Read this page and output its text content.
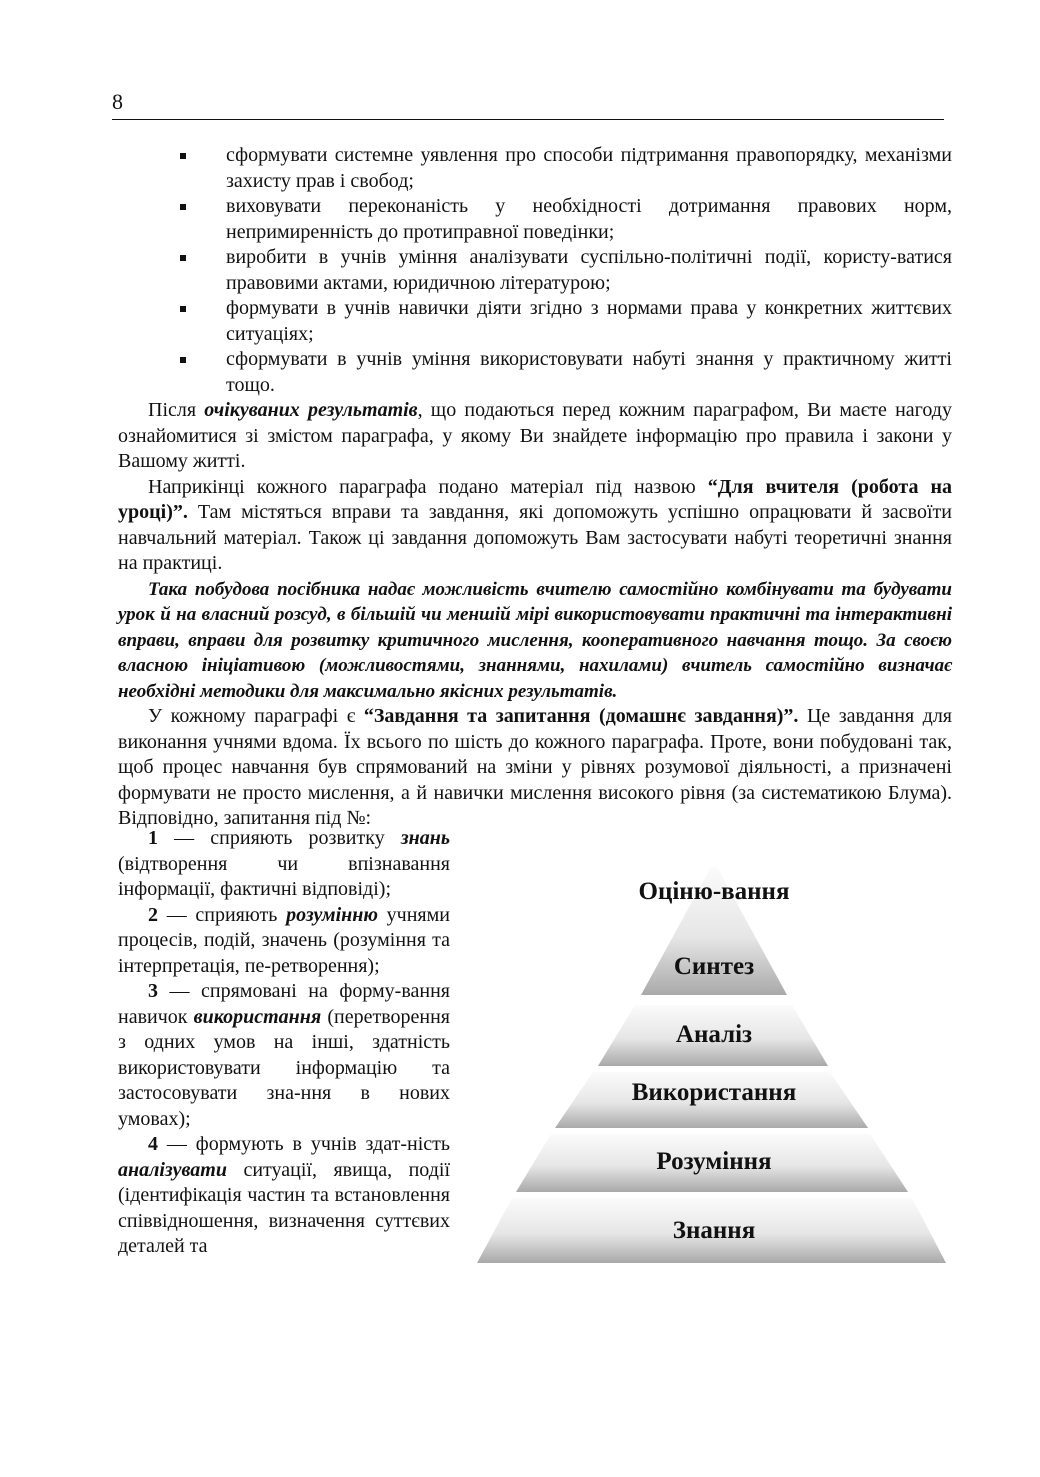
8
сформувати системне уявлення про способи підтримання правопорядку, механізми захисту прав і свобод;
виховувати переконаність у необхідності дотримання правових норм, непримиренність до протиправної поведінки;
виробити в учнів уміння аналізувати суспільно-політичні події, користу-ватися правовими актами, юридичною літературою;
формувати в учнів навички діяти згідно з нормами права у конкретних життєвих ситуаціях;
сформувати в учнів уміння використовувати набуті знання у практичному житті тощо.

Після очікуваних результатів, що подаються перед кожним параграфом, Ви маєте нагоду ознайомитися зі змістом параграфа, у якому Ви знайдете інформацію про правила і закони у Вашому житті.

Наприкінці кожного параграфа подано матеріал під назвою “Для вчителя (робота на уроці)”. Там містяться вправи та завдання, які допоможуть успішно опрацювати й засвоїти навчальний матеріал. Також ці завдання допоможуть Вам застосувати набуті теоретичні знання на практиці.

Така побудова посібника надає можливість вчителю самостійно комбінувати та будувати урок й на власний розсуд, в більшій чи меншій мірі використовувати практичні та інтерактивні вправи, вправи для розвитку критичного мислення, кооперативного навчання тощо. За своєю власною ініціативою (можливостями, знаннями, нахилами) вчитель самостійно визначає необхідні методики для максимально якісних результатів.

У кожному параграфі є “Завдання та запитання (домашнє завдання)”. Це завдання для виконання учнями вдома. Їх всього по шість до кожного параграфа. Проте, вони побудовані так, щоб процес навчання був спрямований на зміни у рівнях розумової діяльності, а призначені формувати не просто мислення, а й навички мислення високого рівня (за систематикою Блума). Відповідно, запитання під №:

1 — сприяють розвитку знань (відтворення чи впізнавання інформації, фактичні відповіді);

2 — сприяють розумінню учнями процесів, подій, значень (розуміння та інтерпретація, пе-ретворення);

3 — спрямовані на форму-вання навичок використання (перетворення з одних умов на інші, здатність використовувати інформацію та застосовувати зна-ння в нових умовах);

4 — формують в учнів здат-ність аналізувати ситуації, явища, події (ідентифікація частин та встановлення співвідношення, визначення суттєвих деталей та

Оціню-вання
Синтез
Аналіз
Використання
Розуміння
Знання
